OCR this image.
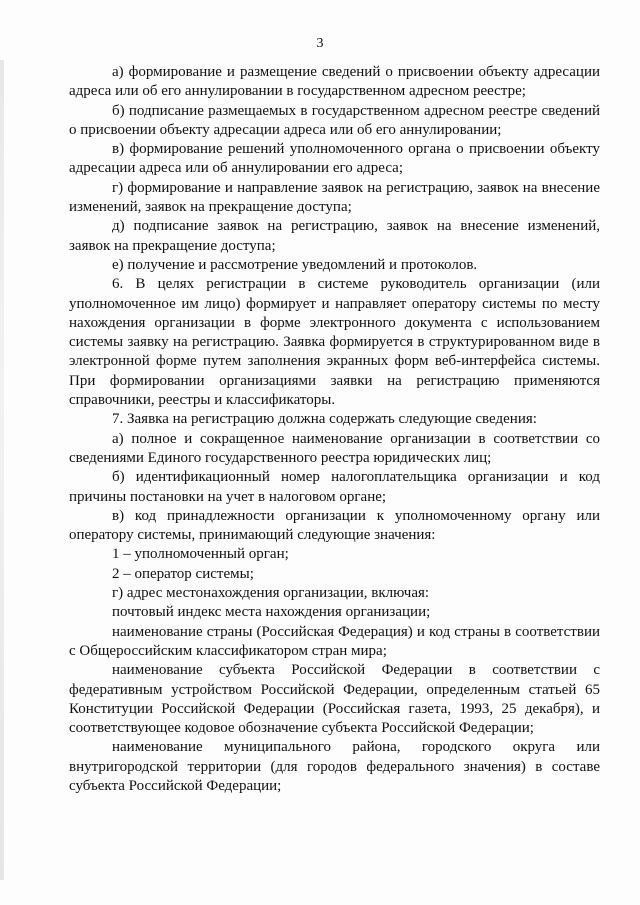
3

а) формирование и размещение сведений о присвоении объекту адресации адреса или об его аннулировании в государственном адресном реестре;

б) подписание размещаемых в государственном адресном реестре сведений о присвоении объекту адресации адреса или об его аннулировании;

в) формирование решений уполномоченного органа о присвоении объекту адресации адреса или об аннулировании его адреса;

г) формирование и направление заявок на регистрацию, заявок на внесение изменений, заявок на прекращение доступа;

д) подписание заявок на регистрацию, заявок на внесение изменений, заявок на прекращение доступа;

е) получение и рассмотрение уведомлений и протоколов.

6. В целях регистрации в системе руководитель организации (или уполномоченное им лицо) формирует и направляет оператору системы по месту нахождения организации в форме электронного документа с использованием системы заявку на регистрацию. Заявка формируется в структурированном виде в электронной форме путем заполнения экранных форм веб-интерфейса системы. При формировании организациями заявки на регистрацию применяются справочники, реестры и классификаторы.

7. Заявка на регистрацию должна содержать следующие сведения:

а) полное и сокращенное наименование организации в соответствии со сведениями Единого государственного реестра юридических лиц;

б) идентификационный номер налогоплательщика организации и код причины постановки на учет в налоговом органе;

в) код принадлежности организации к уполномоченному органу или оператору системы, принимающий следующие значения:

1 – уполномоченный орган;

2 – оператор системы;

г) адрес местонахождения организации, включая:

почтовый индекс места нахождения организации;

наименование страны (Российская Федерация) и код страны в соответствии с Общероссийским классификатором стран мира;

наименование субъекта Российской Федерации в соответствии с федеративным устройством Российской Федерации, определенным статьей 65 Конституции Российской Федерации (Российская газета, 1993, 25 декабря), и соответствующее кодовое обозначение субъекта Российской Федерации;

наименование муниципального района, городского округа или внутригородской территории (для городов федерального значения) в составе субъекта Российской Федерации;
